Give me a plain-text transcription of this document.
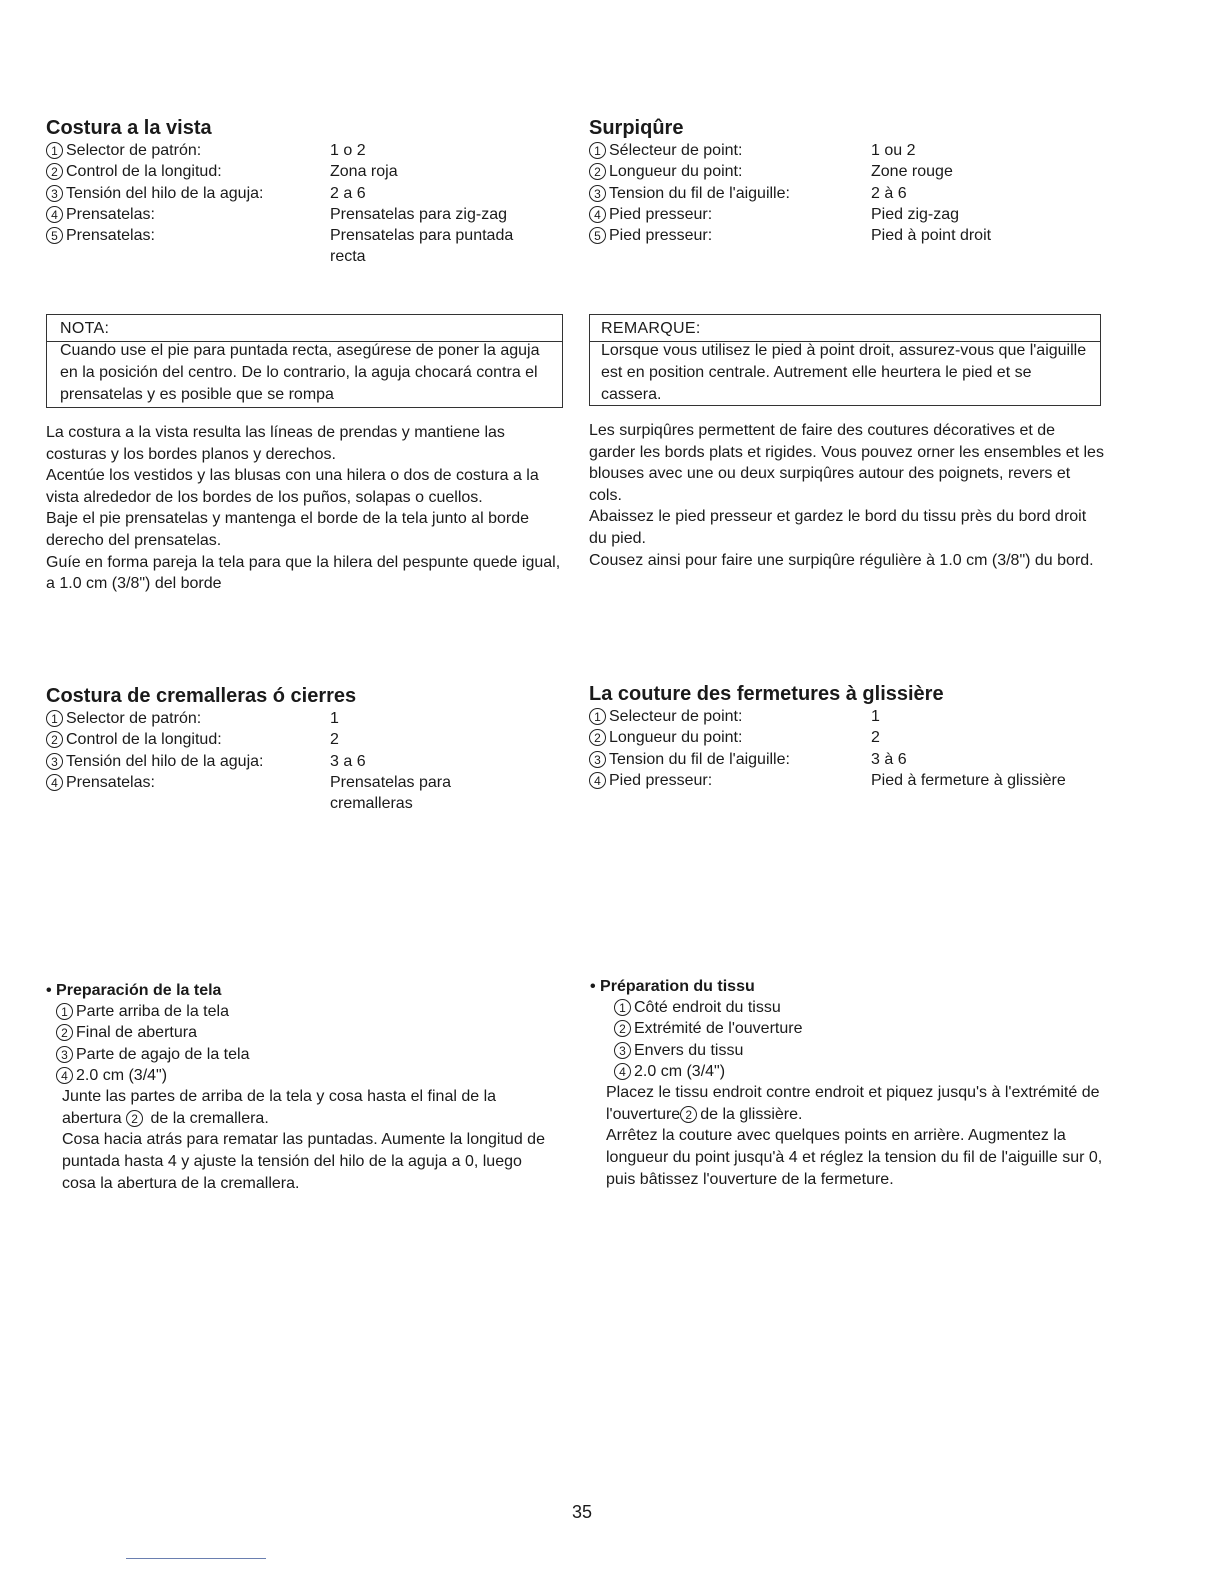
Costura a la vista
1 Selector de patrón:	1 o 2
2 Control de la longitud:	Zona roja
3 Tensión del hilo de la aguja:	2 a 6
4 Prensatelas:	Prensatelas para zig-zag
5 Prensatelas:	Prensatelas para puntada recta
NOTA:
Cuando use el pie para puntada recta, asegúrese de poner la aguja en la posición del centro. De lo contrario, la aguja chocará contra el prensatelas y es posible que se rompa

La costura a la vista resulta las líneas de prendas y mantiene las costuras y los bordes planos y derechos.

Acentúe los vestidos y las blusas con una hilera o dos de costura a la vista alrededor de los bordes de los puños, solapas o cuellos.

Baje el pie prensatelas y mantenga el borde de la tela junto al borde derecho del prensatelas.

Guíe en forma pareja la tela para que la hilera del pespunte quede igual, a 1.0 cm (3/8") del borde

Surpiqûre
1 Sélecteur de point:	1 ou 2
2 Longueur du point:	Zone rouge
3 Tension du fil de l'aiguille:	2 à 6
4 Pied presseur:	Pied zig-zag
5 Pied presseur:	Pied à point droit
REMARQUE:
Lorsque vous utilisez le pied à point droit, assurez-vous que l'aiguille est en position centrale. Autrement elle heurtera le pied et se cassera.

Les surpiqûres permettent de faire des coutures décoratives et de garder les bords plats et rigides. Vous pouvez orner les ensembles et les blouses avec une ou deux surpiqûres autour des poignets, revers et cols.

Abaissez le pied presseur et gardez le bord du tissu près du bord droit du pied.

Cousez ainsi pour faire une surpiqûre régulière à 1.0 cm (3/8") du bord.

Costura de cremalleras ó cierres
1 Selector de patrón:	1
2 Control de la longitud:	2
3 Tensión del hilo de la aguja:	3 a 6
4 Prensatelas:	Prensatelas para cremalleras
La couture des fermetures à glissière
1 Selecteur de point:	1
2 Longueur du point:	2
3 Tension du fil de l'aiguille:	3 à 6
4 Pied presseur:	Pied à fermeture à glissière
• Preparación de la tela
1 Parte arriba de la tela
2 Final de abertura
3 Parte de agajo de la tela
4 2.0 cm (3/4")

Junte las partes de arriba de la tela y cosa hasta el final de la abertura 2 de la cremallera.

Cosa hacia atrás para rematar las puntadas. Aumente la longitud de puntada hasta 4 y ajuste la tensión del hilo de la aguja a 0, luego cosa la abertura de la cremallera.

• Préparation du tissu
1 Côté endroit du tissu
2 Extrémité de l'ouverture
3 Envers du tissu
4 2.0 cm (3/4")

Placez le tissu endroit contre endroit et piquez jusqu's à l'extrémité de l'ouverture 2 de la glissière.

Arrêtez la couture avec quelques points en arrière. Augmentez la longueur du point jusqu'à 4 et réglez la tension du fil de l'aiguille sur 0, puis bâtissez l'ouverture de la fermeture.

35
